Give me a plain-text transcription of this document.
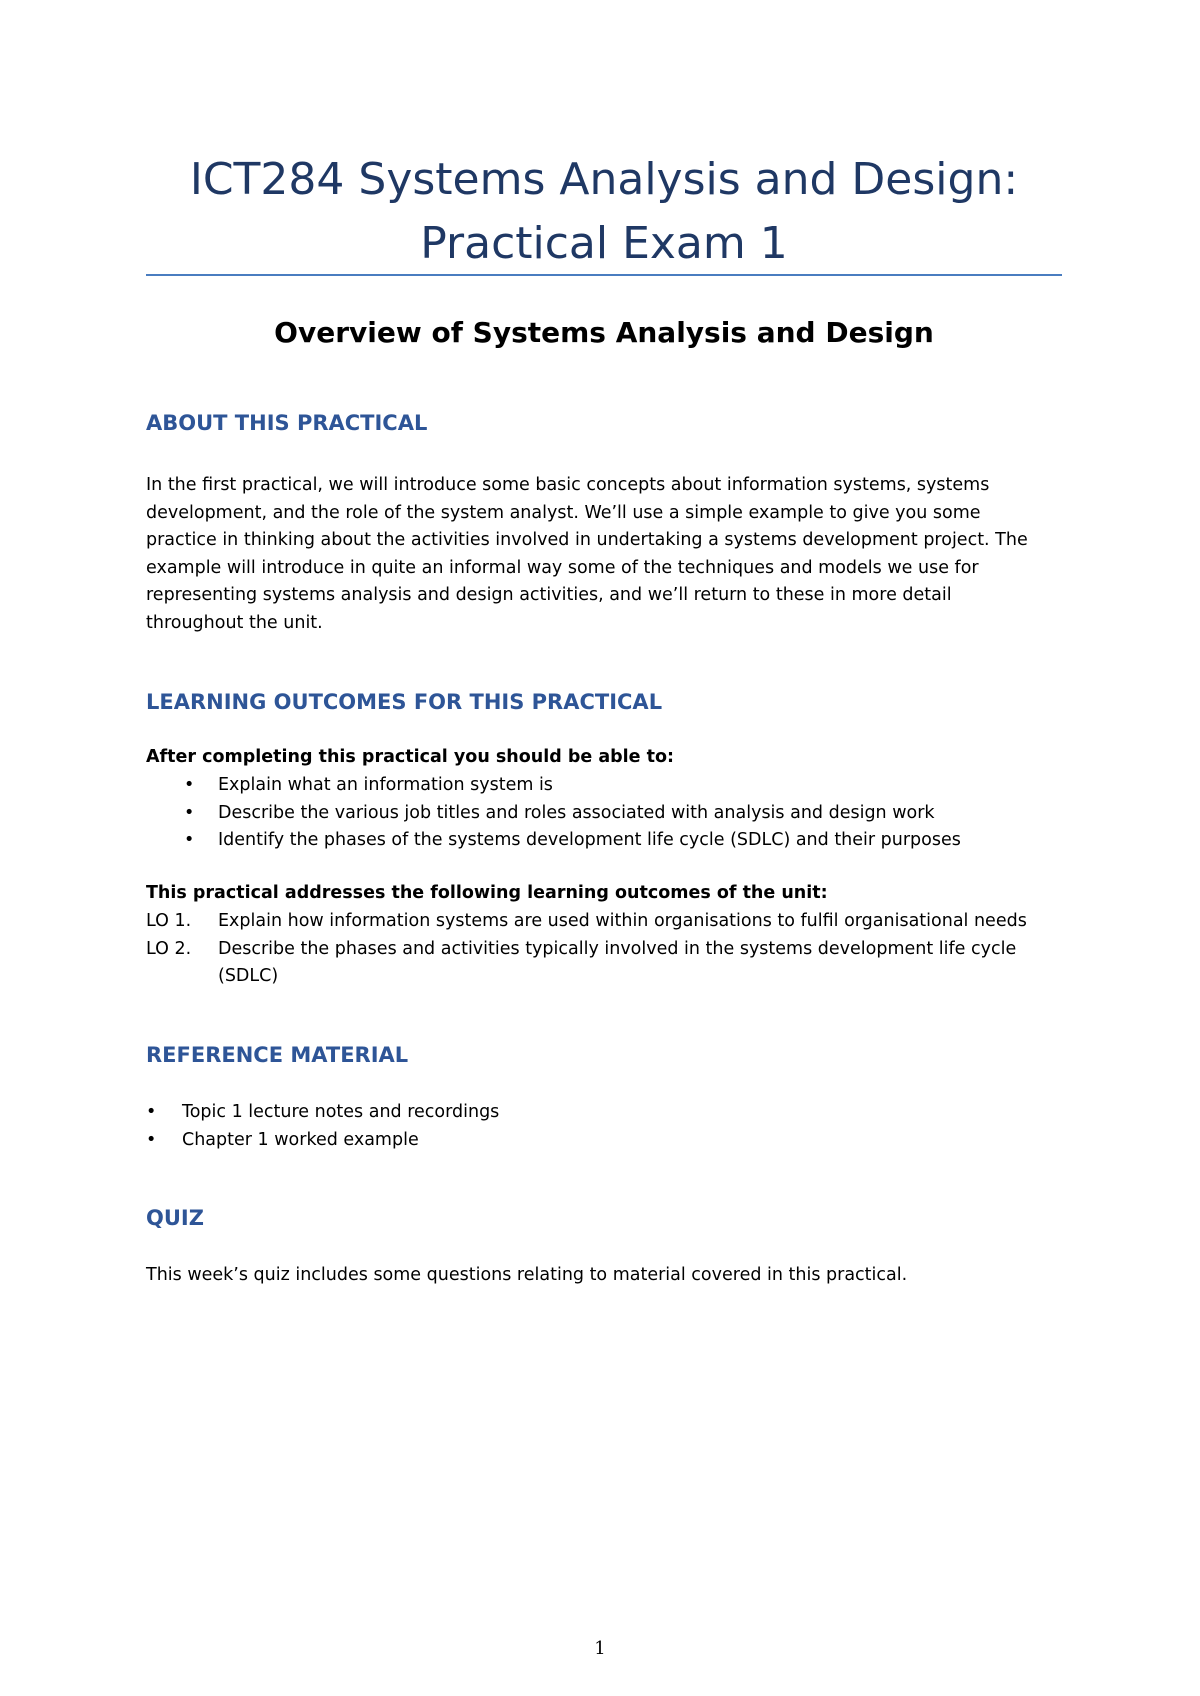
ICT284 Systems Analysis and Design:
Practical Exam 1
Overview of Systems Analysis and Design
ABOUT THIS PRACTICAL
In the first practical, we will introduce some basic concepts about information systems, systems
development, and the role of the system analyst. We’ll use a simple example to give you some
practice in thinking about the activities involved in undertaking a systems development project. The
example will introduce in quite an informal way some of the techniques and models we use for
representing systems analysis and design activities, and we’ll return to these in more detail
throughout the unit.
LEARNING OUTCOMES FOR THIS PRACTICAL
After completing this practical you should be able to:
• Explain what an information system is
• Describe the various job titles and roles associated with analysis and design work
• Identify the phases of the systems development life cycle (SDLC) and their purposes
This practical addresses the following learning outcomes of the unit:
LO 1. Explain how information systems are used within organisations to fulfil organisational needs
LO 2. Describe the phases and activities typically involved in the systems development life cycle (SDLC)
REFERENCE MATERIAL
• Topic 1 lecture notes and recordings
• Chapter 1 worked example
QUIZ
This week’s quiz includes some questions relating to material covered in this practical.
1
